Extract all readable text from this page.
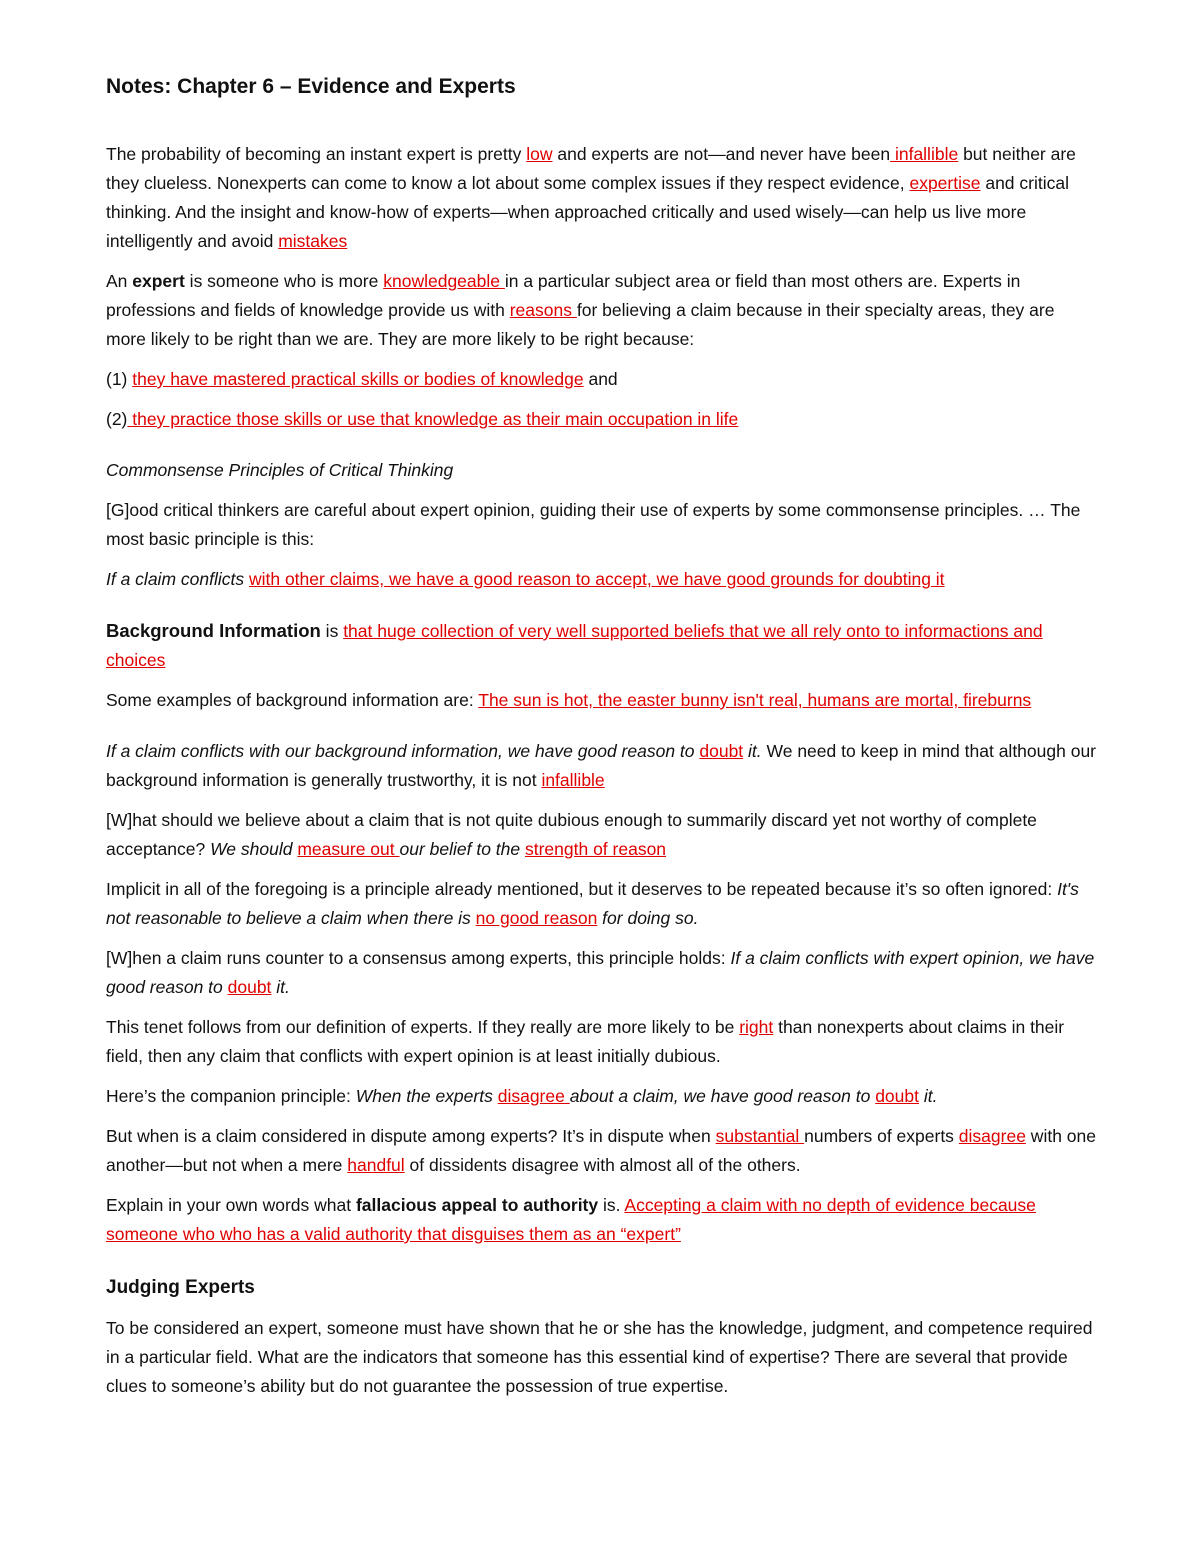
Notes: Chapter 6 – Evidence and Experts

The probability of becoming an instant expert is pretty low and experts are not—and never have been infallible but neither are they clueless. Nonexperts can come to know a lot about some complex issues if they respect evidence, expertise and critical thinking. And the insight and know-how of experts—when approached critically and used wisely—can help us live more intelligently and avoid mistakes

An expert is someone who is more knowledgeable in a particular subject area or field than most others are. Experts in professions and fields of knowledge provide us with reasons for believing a claim because in their specialty areas, they are more likely to be right than we are. They are more likely to be right because:

(1) they have mastered practical skills or bodies of knowledge and

(2) they practice those skills or use that knowledge as their main occupation in life

Commonsense Principles of Critical Thinking

[G]ood critical thinkers are careful about expert opinion, guiding their use of experts by some commonsense principles. … The most basic principle is this:

If a claim conflicts with other claims, we have a good reason to accept, we have good grounds for doubting it

Background Information is that huge collection of very well supported beliefs that we all rely onto to informactions and choices

Some examples of background information are: The sun is hot, the easter bunny isn't real, humans are mortal, fireburns

If a claim conflicts with our background information, we have good reason to doubt it. We need to keep in mind that although our background information is generally trustworthy, it is not infallible

[W]hat should we believe about a claim that is not quite dubious enough to summarily discard yet not worthy of complete acceptance? We should measure out our belief to the strength of reason

Implicit in all of the foregoing is a principle already mentioned, but it deserves to be repeated because it’s so often ignored: It's not reasonable to believe a claim when there is no good reason for doing so.

[W]hen a claim runs counter to a consensus among experts, this principle holds: If a claim conflicts with expert opinion, we have good reason to doubt it.

This tenet follows from our definition of experts. If they really are more likely to be right than nonexperts about claims in their field, then any claim that conflicts with expert opinion is at least initially dubious.

Here’s the companion principle: When the experts disagree about a claim, we have good reason to doubt it.

But when is a claim considered in dispute among experts? It’s in dispute when substantial numbers of experts disagree with one another—but not when a mere handful of dissidents disagree with almost all of the others.

Explain in your own words what fallacious appeal to authority is. Accepting a claim with no depth of evidence because someone who who has a valid authority that disguises them as an “expert”

Judging Experts

To be considered an expert, someone must have shown that he or she has the knowledge, judgment, and competence required in a particular field. What are the indicators that someone has this essential kind of expertise? There are several that provide clues to someone’s ability but do not guarantee the possession of true expertise.
